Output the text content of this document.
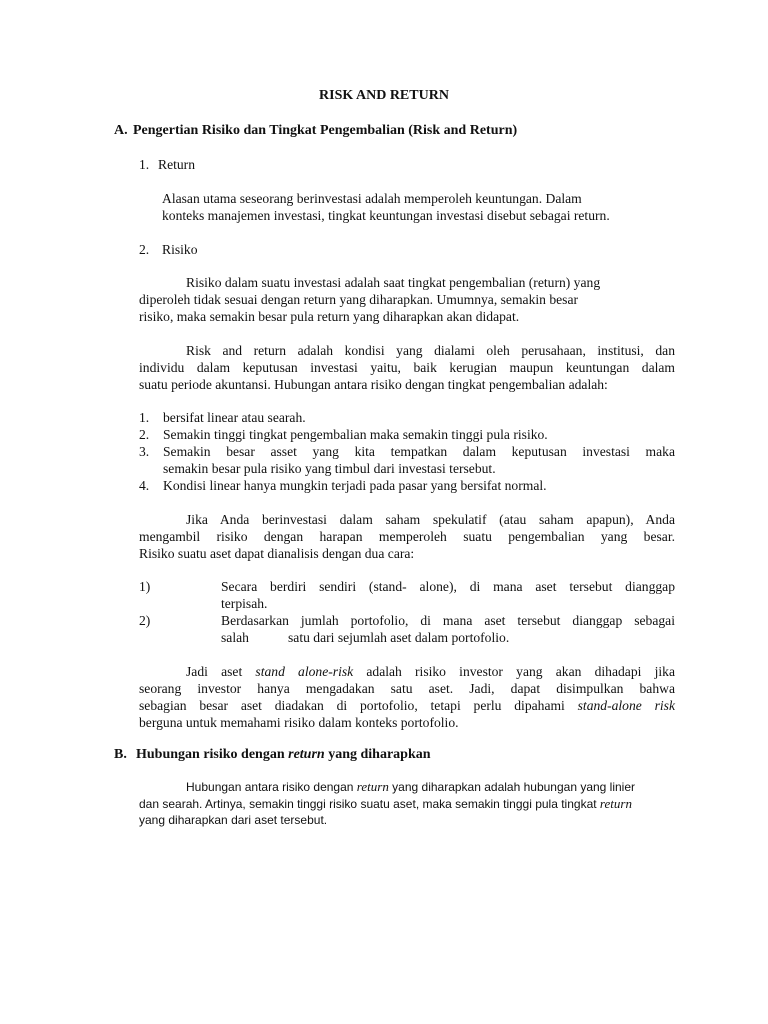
RISK AND RETURN
A. Pengertian Risiko dan Tingkat Pengembalian (Risk and Return)
1. Return
Alasan utama seseorang berinvestasi adalah memperoleh keuntungan. Dalam
konteks manajemen investasi, tingkat keuntungan investasi disebut sebagai return.
2. Risiko
Risiko dalam suatu investasi adalah saat tingkat pengembalian (return) yang
diperoleh tidak sesuai dengan return yang diharapkan. Umumnya, semakin besar
risiko, maka semakin besar pula return yang diharapkan akan didapat.
Risk and return adalah kondisi yang dialami oleh perusahaan, institusi, dan
individu dalam keputusan investasi yaitu, baik kerugian maupun keuntungan dalam
suatu periode akuntansi. Hubungan antara risiko dengan tingkat pengembalian adalah:
1.	bersifat linear atau searah.
2.	Semakin tinggi tingkat pengembalian maka semakin tinggi pula risiko.
3.	Semakin besar asset yang kita tempatkan dalam keputusan investasi maka
semakin besar pula risiko yang timbul dari investasi tersebut.
4.	Kondisi linear hanya mungkin terjadi pada pasar yang bersifat normal.
Jika Anda berinvestasi dalam saham spekulatif (atau saham apapun), Anda
mengambil risiko dengan harapan memperoleh suatu pengembalian yang besar.
Risiko suatu aset dapat dianalisis dengan dua cara:
1)	Secara berdiri sendiri (stand- alone), di mana aset tersebut dianggap
terpisah.
2)	Berdasarkan jumlah portofolio, di mana aset tersebut dianggap sebagai
salah	satu dari sejumlah aset dalam portofolio.
Jadi aset stand alone-risk adalah risiko investor yang akan dihadapi jika
seorang investor hanya mengadakan satu aset. Jadi, dapat disimpulkan bahwa
sebagian besar aset diadakan di portofolio, tetapi perlu dipahami stand-alone risk
berguna untuk memahami risiko dalam konteks portofolio.
B. Hubungan risiko dengan return yang diharapkan
Hubungan antara risiko dengan return yang diharapkan adalah hubungan yang linier
dan searah. Artinya, semakin tinggi risiko suatu aset, maka semakin tinggi pula tingkat return
yang diharapkan dari aset tersebut.
